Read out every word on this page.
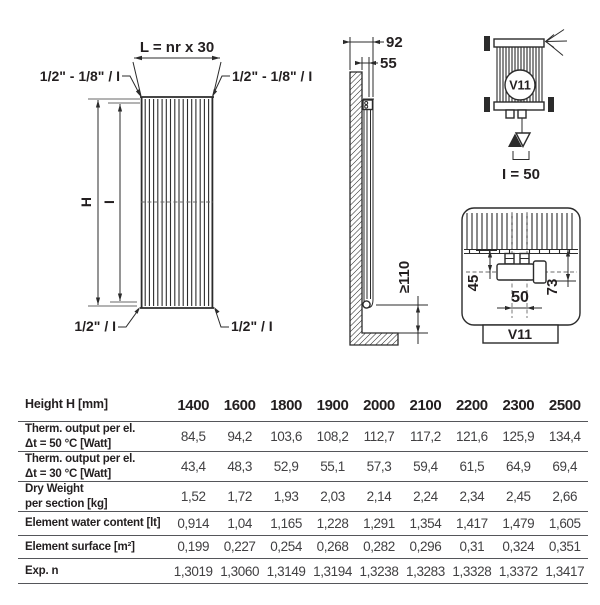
L = nr x 30
H I
1/2" - 1/8" / I	1/2" - 1/8" / I
1/2" / I	1/2" / I
92
55
≥110
V11
I = 50
45	73
50
V11
Height H [mm]	1400 1600 1800 1900 2000 2100 2200 2300 2500
Therm. output per el.
Δt = 50 °C [Watt]	84,5	94,2	103,6	108,2	112,7	117,2	121,6	125,9	134,4
Therm. output per el.
Δt = 30 °C [Watt]	43,4	48,3	52,9	55,1	57,3	59,4	61,5	64,9	69,4
Dry Weight
per section [kg]	1,52	1,72	1,93	2,03	2,14	2,24	2,34	2,45	2,66
Element water content [lt]	0,914	1,04	1,165	1,228	1,291	1,354	1,417	1,479	1,605
Element surface [m²]	0,199	0,227	0,254	0,268	0,282	0,296	0,31	0,324	0,351
Exp. n	1,3019 1,3060 1,3149 1,3194 1,3238 1,3283 1,3328 1,3372 1,3417
